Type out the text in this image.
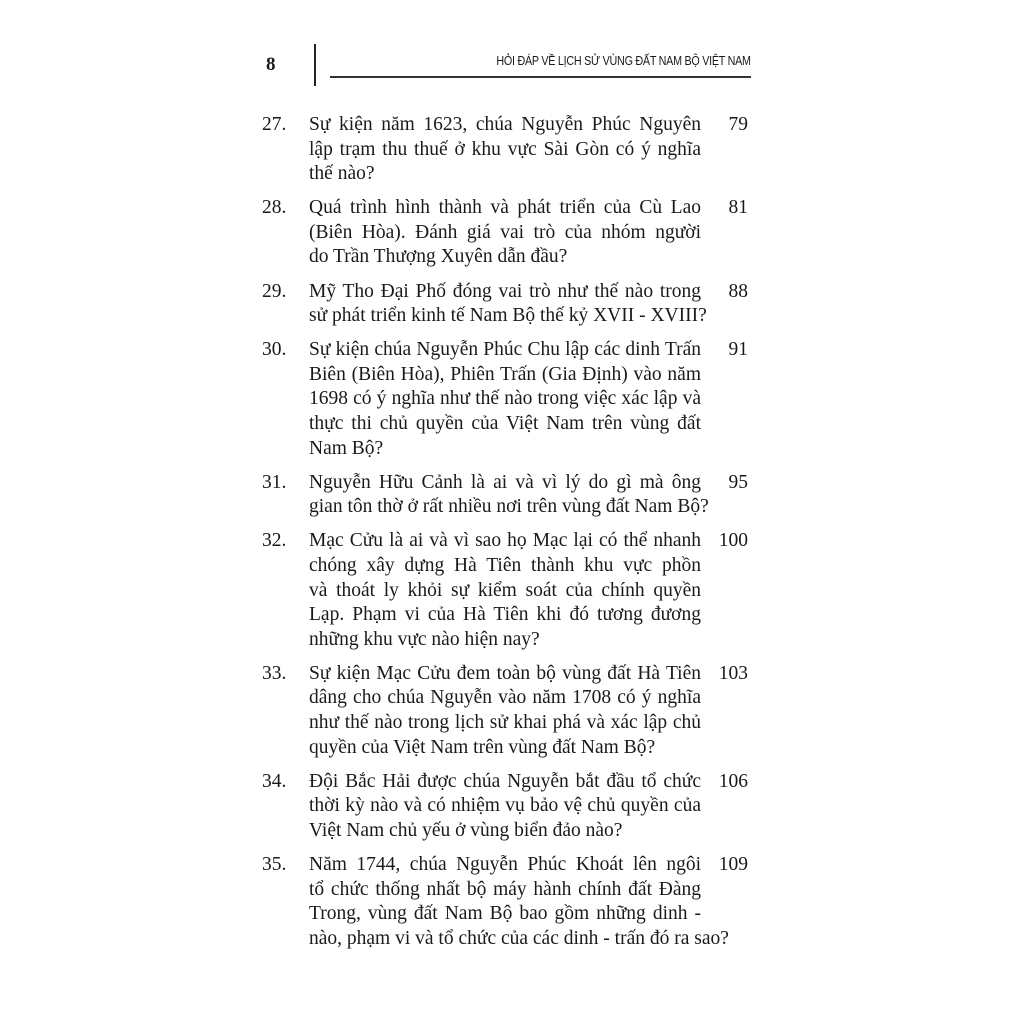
8	HỎI ĐÁP VỀ LỊCH SỬ VÙNG ĐẤT NAM BỘ VIỆT NAM
27. Sự kiện năm 1623, chúa Nguyễn Phúc Nguyên
lập trạm thu thuế ở khu vực Sài Gòn có ý nghĩa
thế nào?
79
28. Quá trình hình thành và phát triển của Cù Lao
(Biên Hòa). Đánh giá vai trò của nhóm người
do Trần Thượng Xuyên dẫn đầu?
81
29. Mỹ Tho Đại Phố đóng vai trò như thế nào trong
sử phát triển kinh tế Nam Bộ thế kỷ XVII - XVIII?
88
30. Sự kiện chúa Nguyễn Phúc Chu lập các dinh Trấn
Biên (Biên Hòa), Phiên Trấn (Gia Định) vào năm
1698 có ý nghĩa như thế nào trong việc xác lập và
thực thi chủ quyền của Việt Nam trên vùng đất
Nam Bộ?
91
31. Nguyễn Hữu Cảnh là ai và vì lý do gì mà ông
gian tôn thờ ở rất nhiều nơi trên vùng đất Nam Bộ?
95
32. Mạc Cửu là ai và vì sao họ Mạc lại có thể nhanh
chóng xây dựng Hà Tiên thành khu vực phồn
và thoát ly khỏi sự kiểm soát của chính quyền
Lạp. Phạm vi của Hà Tiên khi đó tương đương
những khu vực nào hiện nay?
100
33. Sự kiện Mạc Cửu đem toàn bộ vùng đất Hà Tiên
dâng cho chúa Nguyễn vào năm 1708 có ý nghĩa
như thế nào trong lịch sử khai phá và xác lập chủ
quyền của Việt Nam trên vùng đất Nam Bộ?
103
34. Đội Bắc Hải được chúa Nguyễn bắt đầu tổ chức
thời kỳ nào và có nhiệm vụ bảo vệ chủ quyền của
Việt Nam chủ yếu ở vùng biển đảo nào?
106
35. Năm 1744, chúa Nguyễn Phúc Khoát lên ngôi
tổ chức thống nhất bộ máy hành chính đất Đàng
Trong, vùng đất Nam Bộ bao gồm những dinh -
nào, phạm vi và tổ chức của các dinh - trấn đó ra sao?
109
